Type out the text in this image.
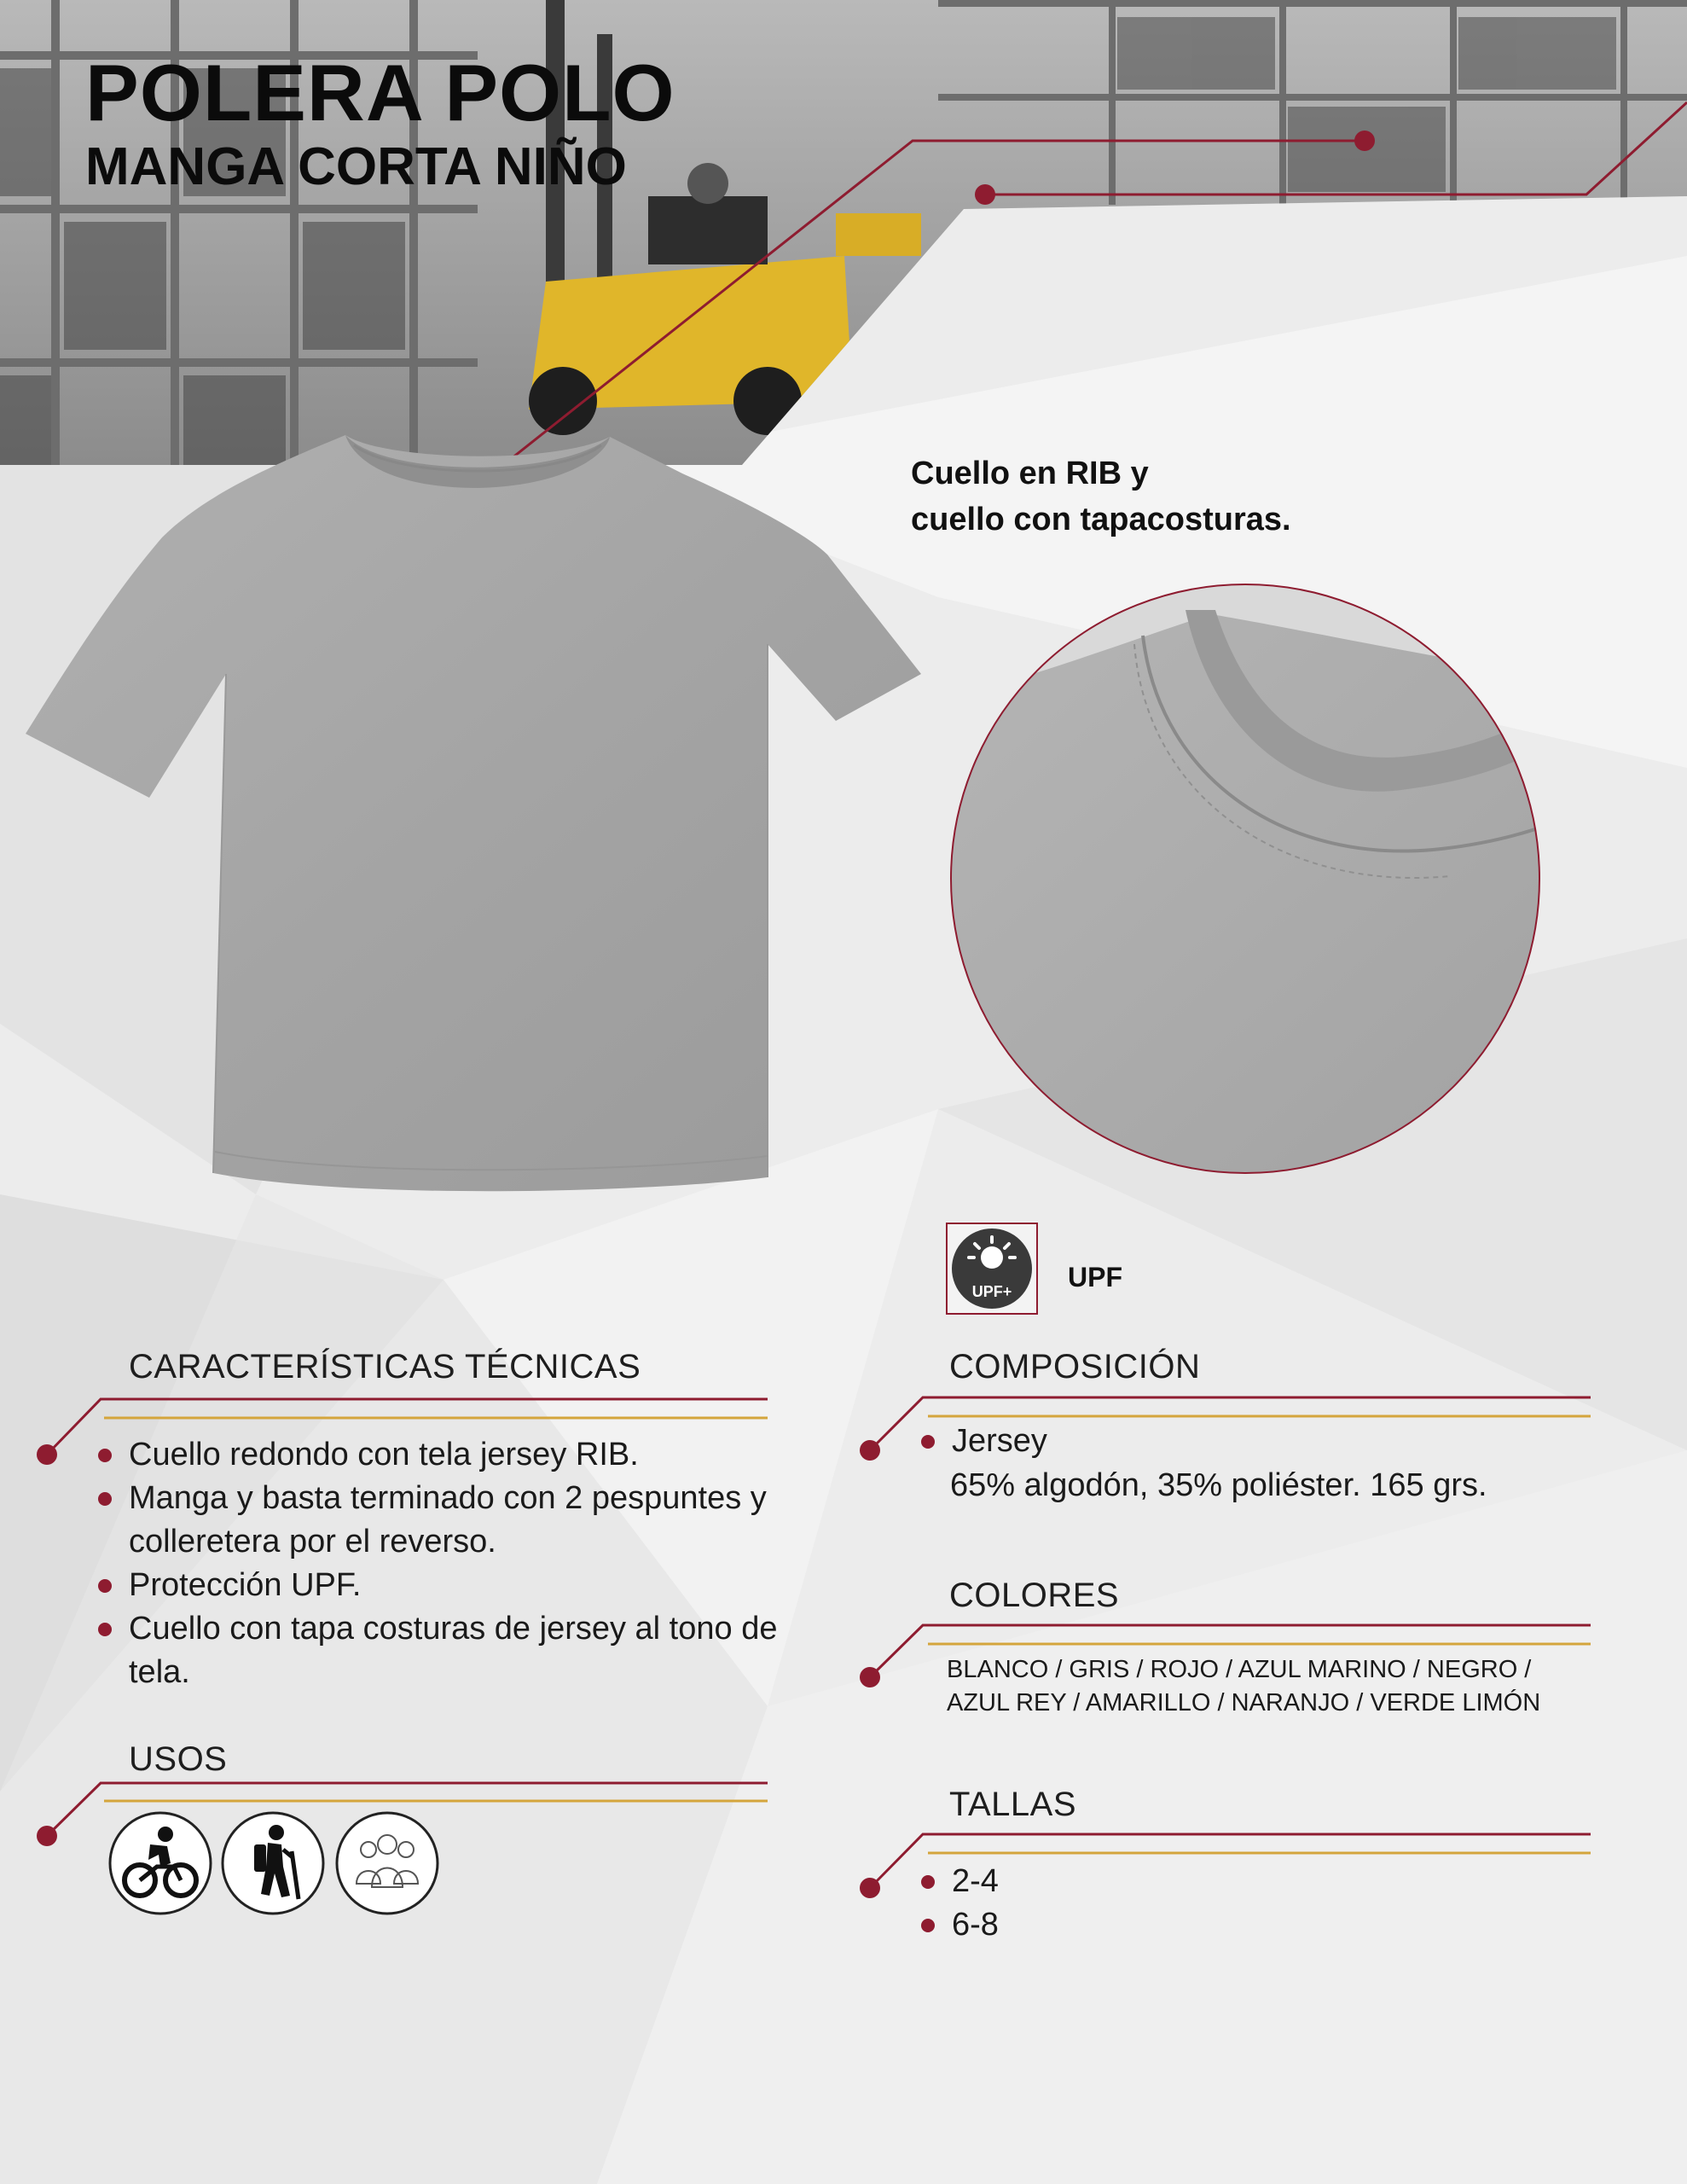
POLERA POLO
MANGA CORTA NIÑO
Cuello en RIB y
cuello con tapacosturas.
UPF+ UPF
CARACTERÍSTICAS TÉCNICAS
Cuello redondo con tela jersey RIB.
Manga y basta terminado con 2 pespuntes y colleretera por el reverso.
Protección UPF.
Cuello con tapa costuras de jersey al tono de tela.
USOS
COMPOSICIÓN
Jersey
65% algodón, 35% poliéster. 165 grs.
COLORES
BLANCO / GRIS / ROJO / AZUL MARINO / NEGRO /
AZUL REY / AMARILLO / NARANJO / VERDE LIMÓN
TALLAS
2-4
6-8
